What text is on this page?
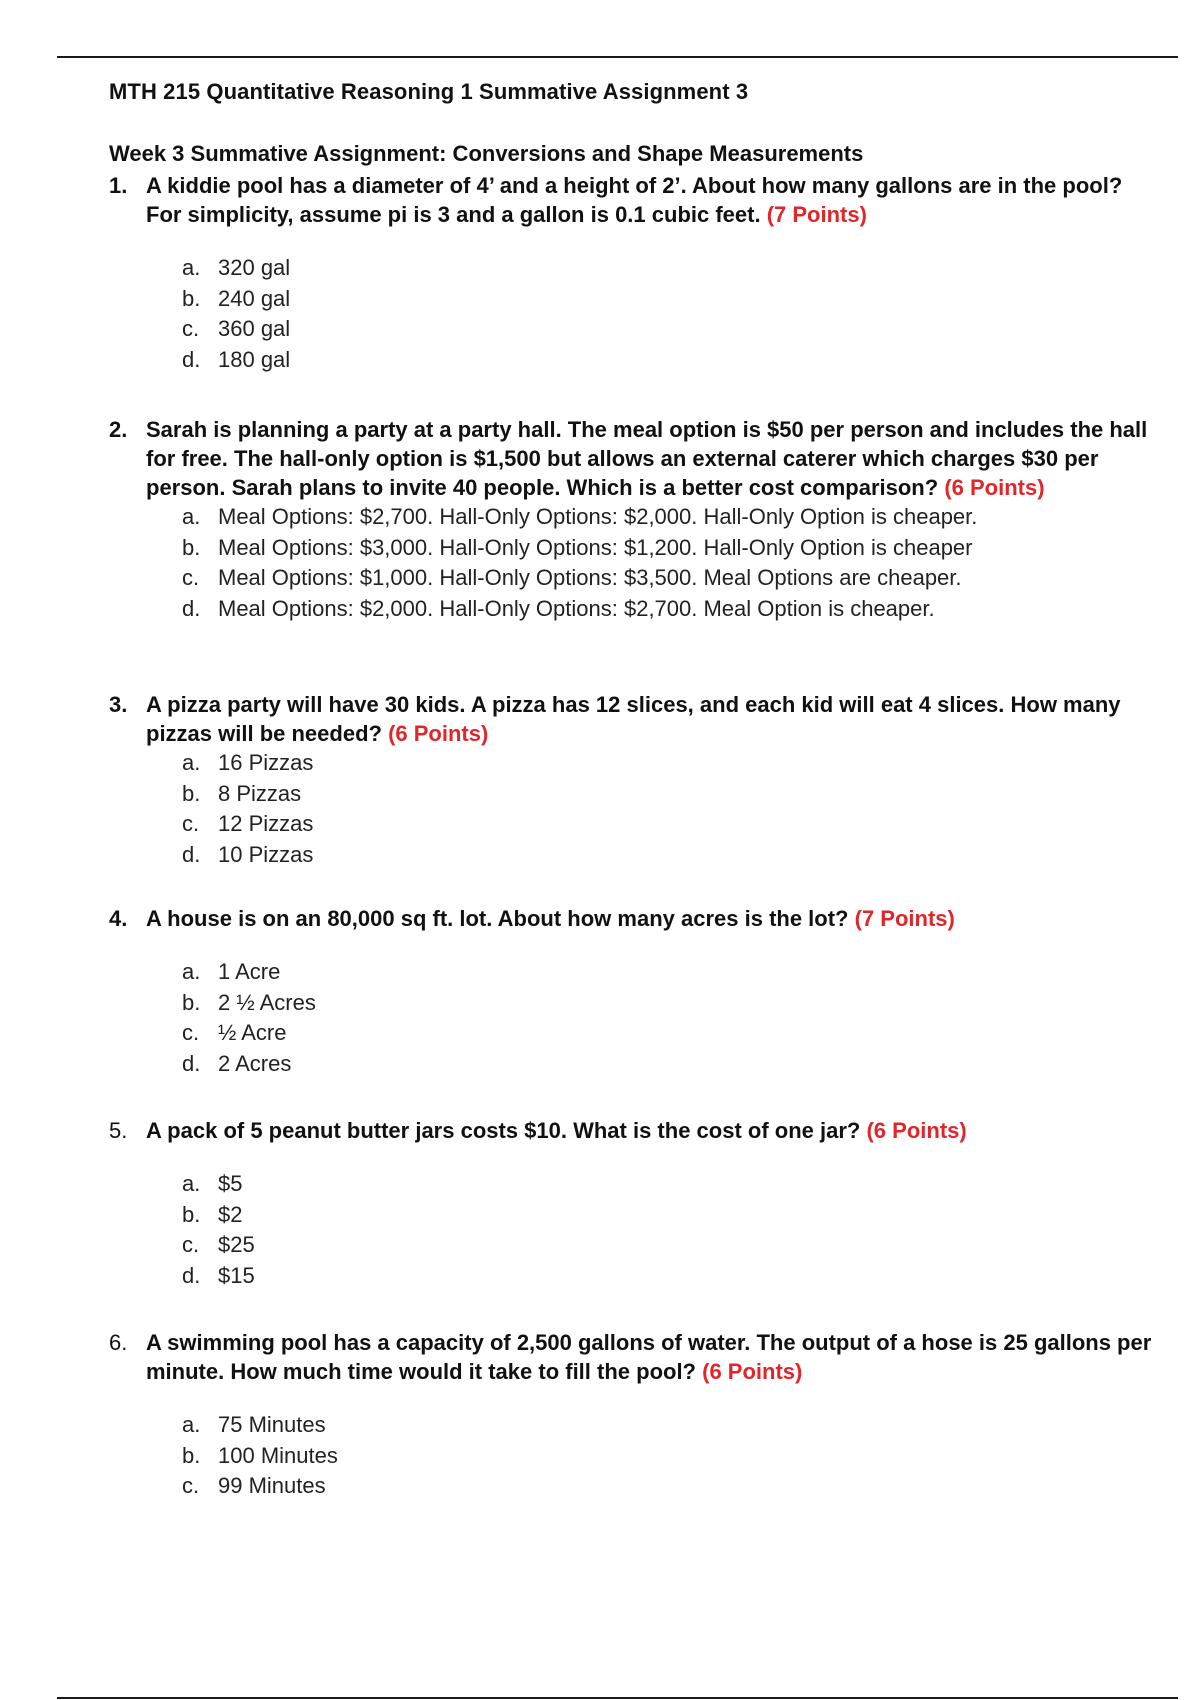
MTH 215 Quantitative Reasoning 1 Summative Assignment 3
Week 3 Summative Assignment: Conversions and Shape Measurements
1. A kiddie pool has a diameter of 4’ and a height of 2’. About how many gallons are in the pool? For simplicity, assume pi is 3 and a gallon is 0.1 cubic feet. (7 Points)
a. 320 gal
b. 240 gal
c. 360 gal
d. 180 gal
2. Sarah is planning a party at a party hall. The meal option is $50 per person and includes the hall for free. The hall-only option is $1,500 but allows an external caterer which charges $30 per person. Sarah plans to invite 40 people. Which is a better cost comparison? (6 Points)
a. Meal Options: $2,700. Hall-Only Options: $2,000. Hall-Only Option is cheaper.
b. Meal Options: $3,000. Hall-Only Options: $1,200. Hall-Only Option is cheaper
c. Meal Options: $1,000. Hall-Only Options: $3,500. Meal Options are cheaper.
d. Meal Options: $2,000. Hall-Only Options: $2,700. Meal Option is cheaper.
3. A pizza party will have 30 kids. A pizza has 12 slices, and each kid will eat 4 slices. How many pizzas will be needed? (6 Points)
a. 16 Pizzas
b. 8 Pizzas
c. 12 Pizzas
d. 10 Pizzas
4. A house is on an 80,000 sq ft. lot. About how many acres is the lot? (7 Points)
a. 1 Acre
b. 2 ½ Acres
c. ½ Acre
d. 2 Acres
5. A pack of 5 peanut butter jars costs $10. What is the cost of one jar? (6 Points)
a. $5
b. $2
c. $25
d. $15
6. A swimming pool has a capacity of 2,500 gallons of water. The output of a hose is 25 gallons per minute. How much time would it take to fill the pool? (6 Points)
a. 75 Minutes
b. 100 Minutes
c. 99 Minutes
